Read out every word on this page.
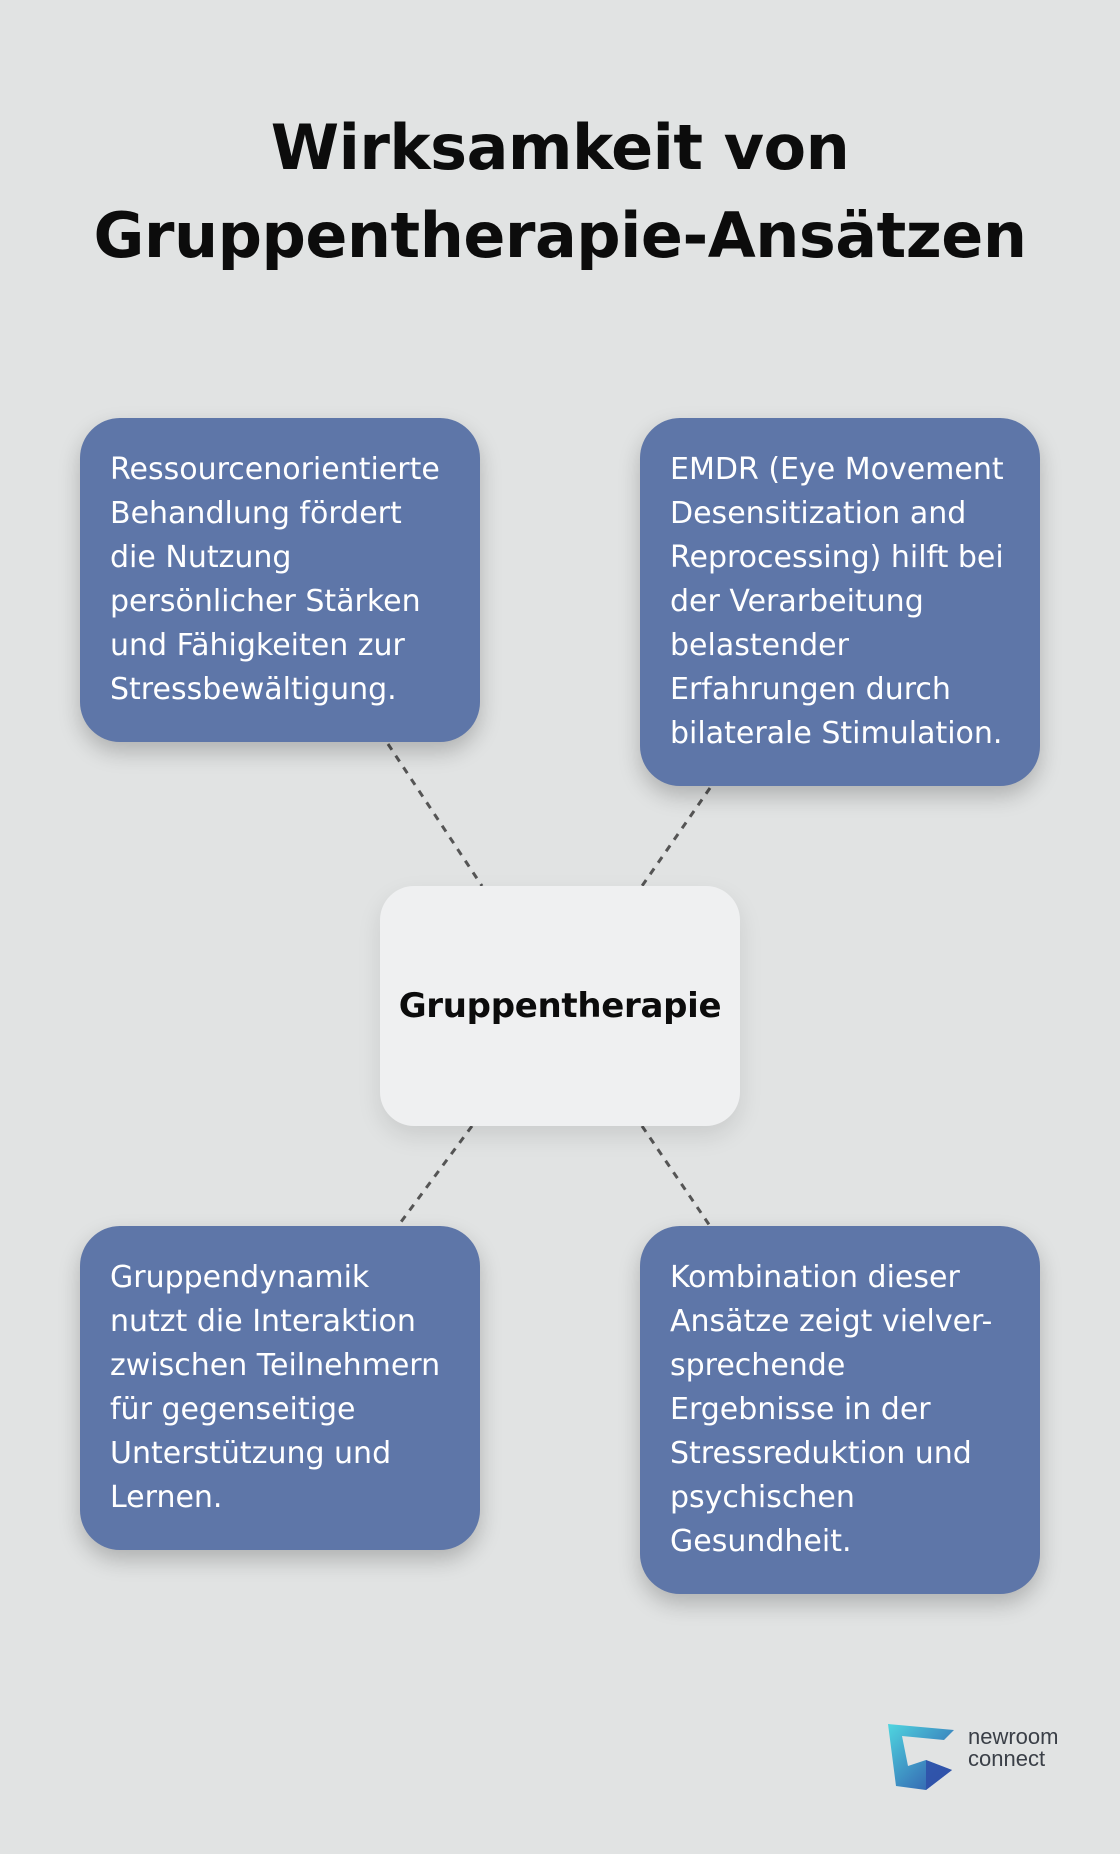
Wirksamkeit von
Gruppentherapie-Ansätzen
Ressourcenorientierte Behandlung fördert die Nutzung persönlicher Stärken und Fähigkeiten zur Stressbewältigung.
EMDR (Eye Movement Desensitization and Reprocessing) hilft bei der Verarbeitung belastender Erfahrungen durch bilaterale Stimulation.
Gruppentherapie
Gruppendynamik nutzt die Interaktion zwischen Teilnehmern für gegenseitige Unterstützung und Lernen.
Kombination dieser Ansätze zeigt vielver-sprechende Ergebnisse in der Stressreduktion und psychischen Gesundheit.
newroom
connect
